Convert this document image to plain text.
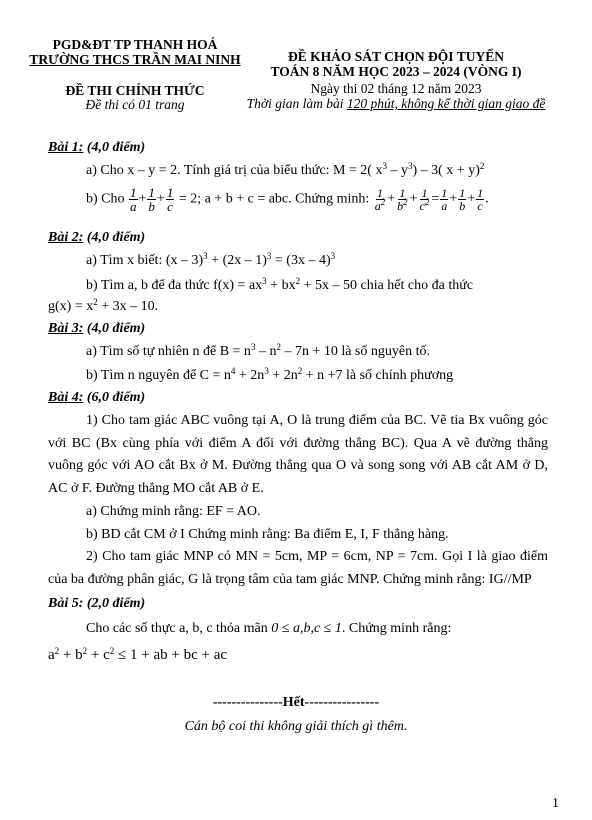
PGD&ĐT TP THANH HOÁ
TRƯỜNG THCS TRẦN MAI NINH
ĐỀ THI CHÍNH THỨC
Đề thi có 01 trang
ĐỀ KHẢO SÁT CHỌN ĐỘI TUYỂN
TOÁN 8 NĂM HỌC 2023 – 2024 (VÒNG I)
Ngày thi 02 tháng 12 năm 2023
Thời gian làm bài 120 phút, không kể thời gian giao đề
Bài 1: (4,0 điểm)
a) Cho x – y = 2. Tính giá trị của biểu thức: M = 2( $x^3 - y^3) - 3$( x + y)$^2$
b) Cho $\frac{1}{a} + \frac{1}{b} + \frac{1}{c} = 2$; a + b + c = abc. Chứng minh: $\frac{1}{a^2} + \frac{1}{b^2} + \frac{1}{c^2} = \frac{1}{a} + \frac{1}{b} + \frac{1}{c}$ .
Bài 2: (4,0 điểm)
a) Tìm x biết: (x – 3)$^3$ + (2x – 1)$^3$ = (3x – 4)$^3$
b) Tìm a, b để đa thức $f(x) = ax^3 + bx^2 + 5x - 50$ chia hết cho đa thức
$g(x) = x^2 + 3x - 10$.
Bài 3: (4,0 điểm)
a) Tìm số tự nhiên n để $B = n^3 - n^2 - 7n + 10$ là số nguyên tố.
b) Tìm n nguyên để $C = n^4 + 2n^3 + 2n^2 + n +7$ là số chính phương
Bài 4: (6,0 điểm)
1) Cho tam giác ABC vuông tại A, O là trung điểm của BC. Vẽ tia Bx vuông góc với BC (Bx cùng phía với điểm A đối với đường thẳng BC). Qua A vẽ đường thẳng vuông góc với AO cắt Bx ở M. Đường thẳng qua O và song song với AB cắt AM ở D, AC ở F. Đường thẳng MO cắt AB ở E.
a) Chứng minh rằng: EF = AO.
b) BD cắt CM ở I Chứng minh rằng: Ba điểm E, I, F thẳng hàng.
2) Cho tam giác MNP có MN = 5cm, MP = 6cm, NP = 7cm. Gọi I là giao điểm của ba đường phân giác, G là trọng tâm của tam giác MNP. Chứng minh rằng: IG//MP
Bài 5: (2,0 điểm)
Cho các số thực a, b, c thỏa mãn 0 ≤ a,b,c ≤ 1. Chứng minh rằng:
$a^2 + b^2 + c^2 \le 1$ + ab + bc + ac
---------------Hết----------------
Cán bộ coi thi không giải thích gì thêm.
1
